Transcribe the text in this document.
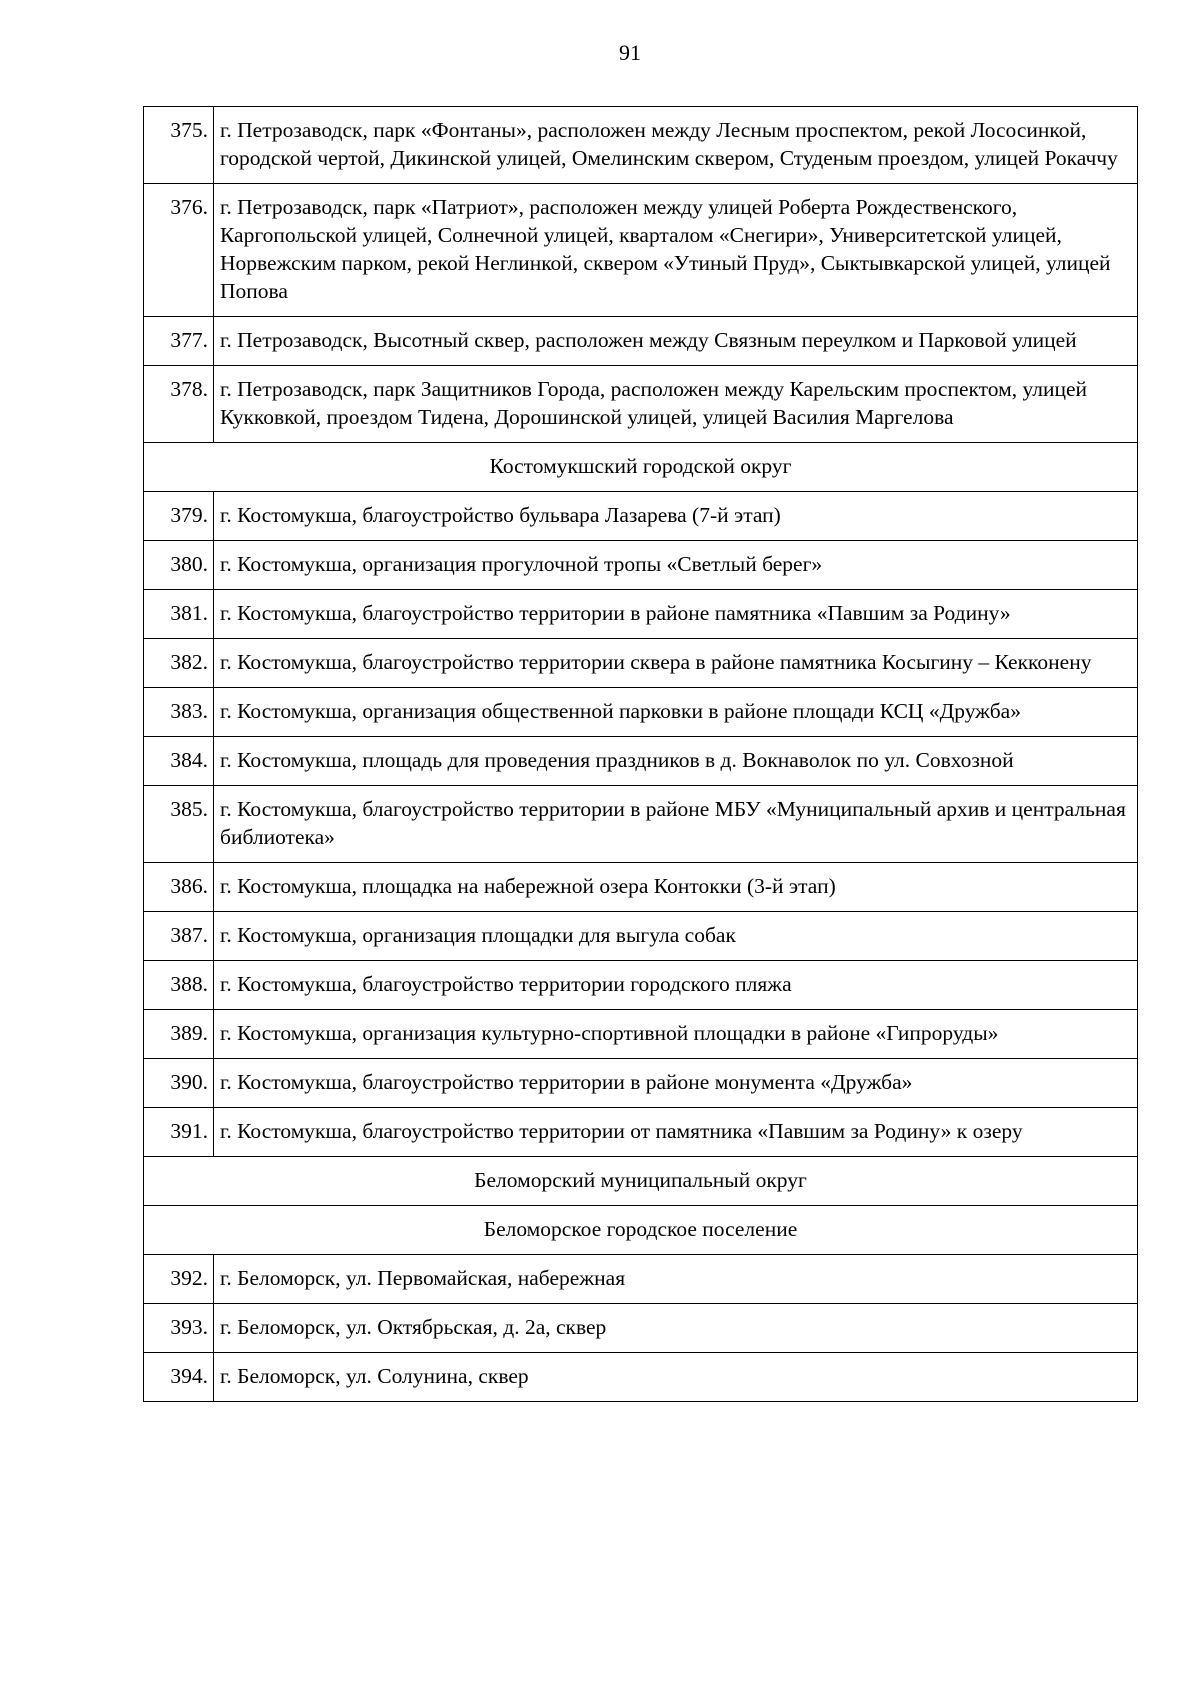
91
375.	г. Петрозаводск, парк «Фонтаны», расположен между Лесным проспектом, рекой Лососинкой, городской чертой, Дикинской улицей, Омелинским сквером, Студеным проездом, улицей Рокаччу
376.	г. Петрозаводск, парк «Патриот», расположен между улицей Роберта Рождественского, Каргопольской улицей, Солнечной улицей, кварталом «Снегири», Университетской улицей, Норвежским парком, рекой Неглинкой, сквером «Утиный Пруд», Сыктывкарской улицей, улицей Попова
377.	г. Петрозаводск, Высотный сквер, расположен между Связным переулком и Парковой улицей
378.	г. Петрозаводск, парк Защитников Города, расположен между Карельским проспектом, улицей Кукковкой, проездом Тидена, Дорошинской улицей, улицей Василия Маргелова
Костомукшский городской округ	
379.	г. Костомукша, благоустройство бульвара Лазарева (7-й этап)
380.	г. Костомукша, организация прогулочной тропы «Светлый берег»
381.	г. Костомукша, благоустройство территории в районе памятника «Павшим за Родину»
382.	г. Костомукша, благоустройство территории сквера в районе памятника Косыгину – Кекконену
383.	г. Костомукша, организация общественной парковки в районе площади КСЦ «Дружба»
384.	г. Костомукша, площадь для проведения праздников в д. Вокнаволок по ул. Совхозной
385.	г. Костомукша, благоустройство территории в районе МБУ «Муниципальный архив и центральная библиотека»
386.	г. Костомукша, площадка на набережной озера Контокки (3-й этап)
387.	г. Костомукша, организация площадки для выгула собак
388.	г. Костомукша, благоустройство территории городского пляжа
389.	г. Костомукша, организация культурно-спортивной площадки в районе «Гипроруды»
390.	г. Костомукша, благоустройство территории в районе монумента «Дружба»
391.	г. Костомукша, благоустройство территории от памятника «Павшим за Родину» к озеру
Беломорский муниципальный округ	
Беломорское городское поселение	
392.	г. Беломорск, ул. Первомайская, набережная
393.	г. Беломорск, ул. Октябрьская, д. 2а, сквер
394.	г. Беломорск, ул. Солунина, сквер
